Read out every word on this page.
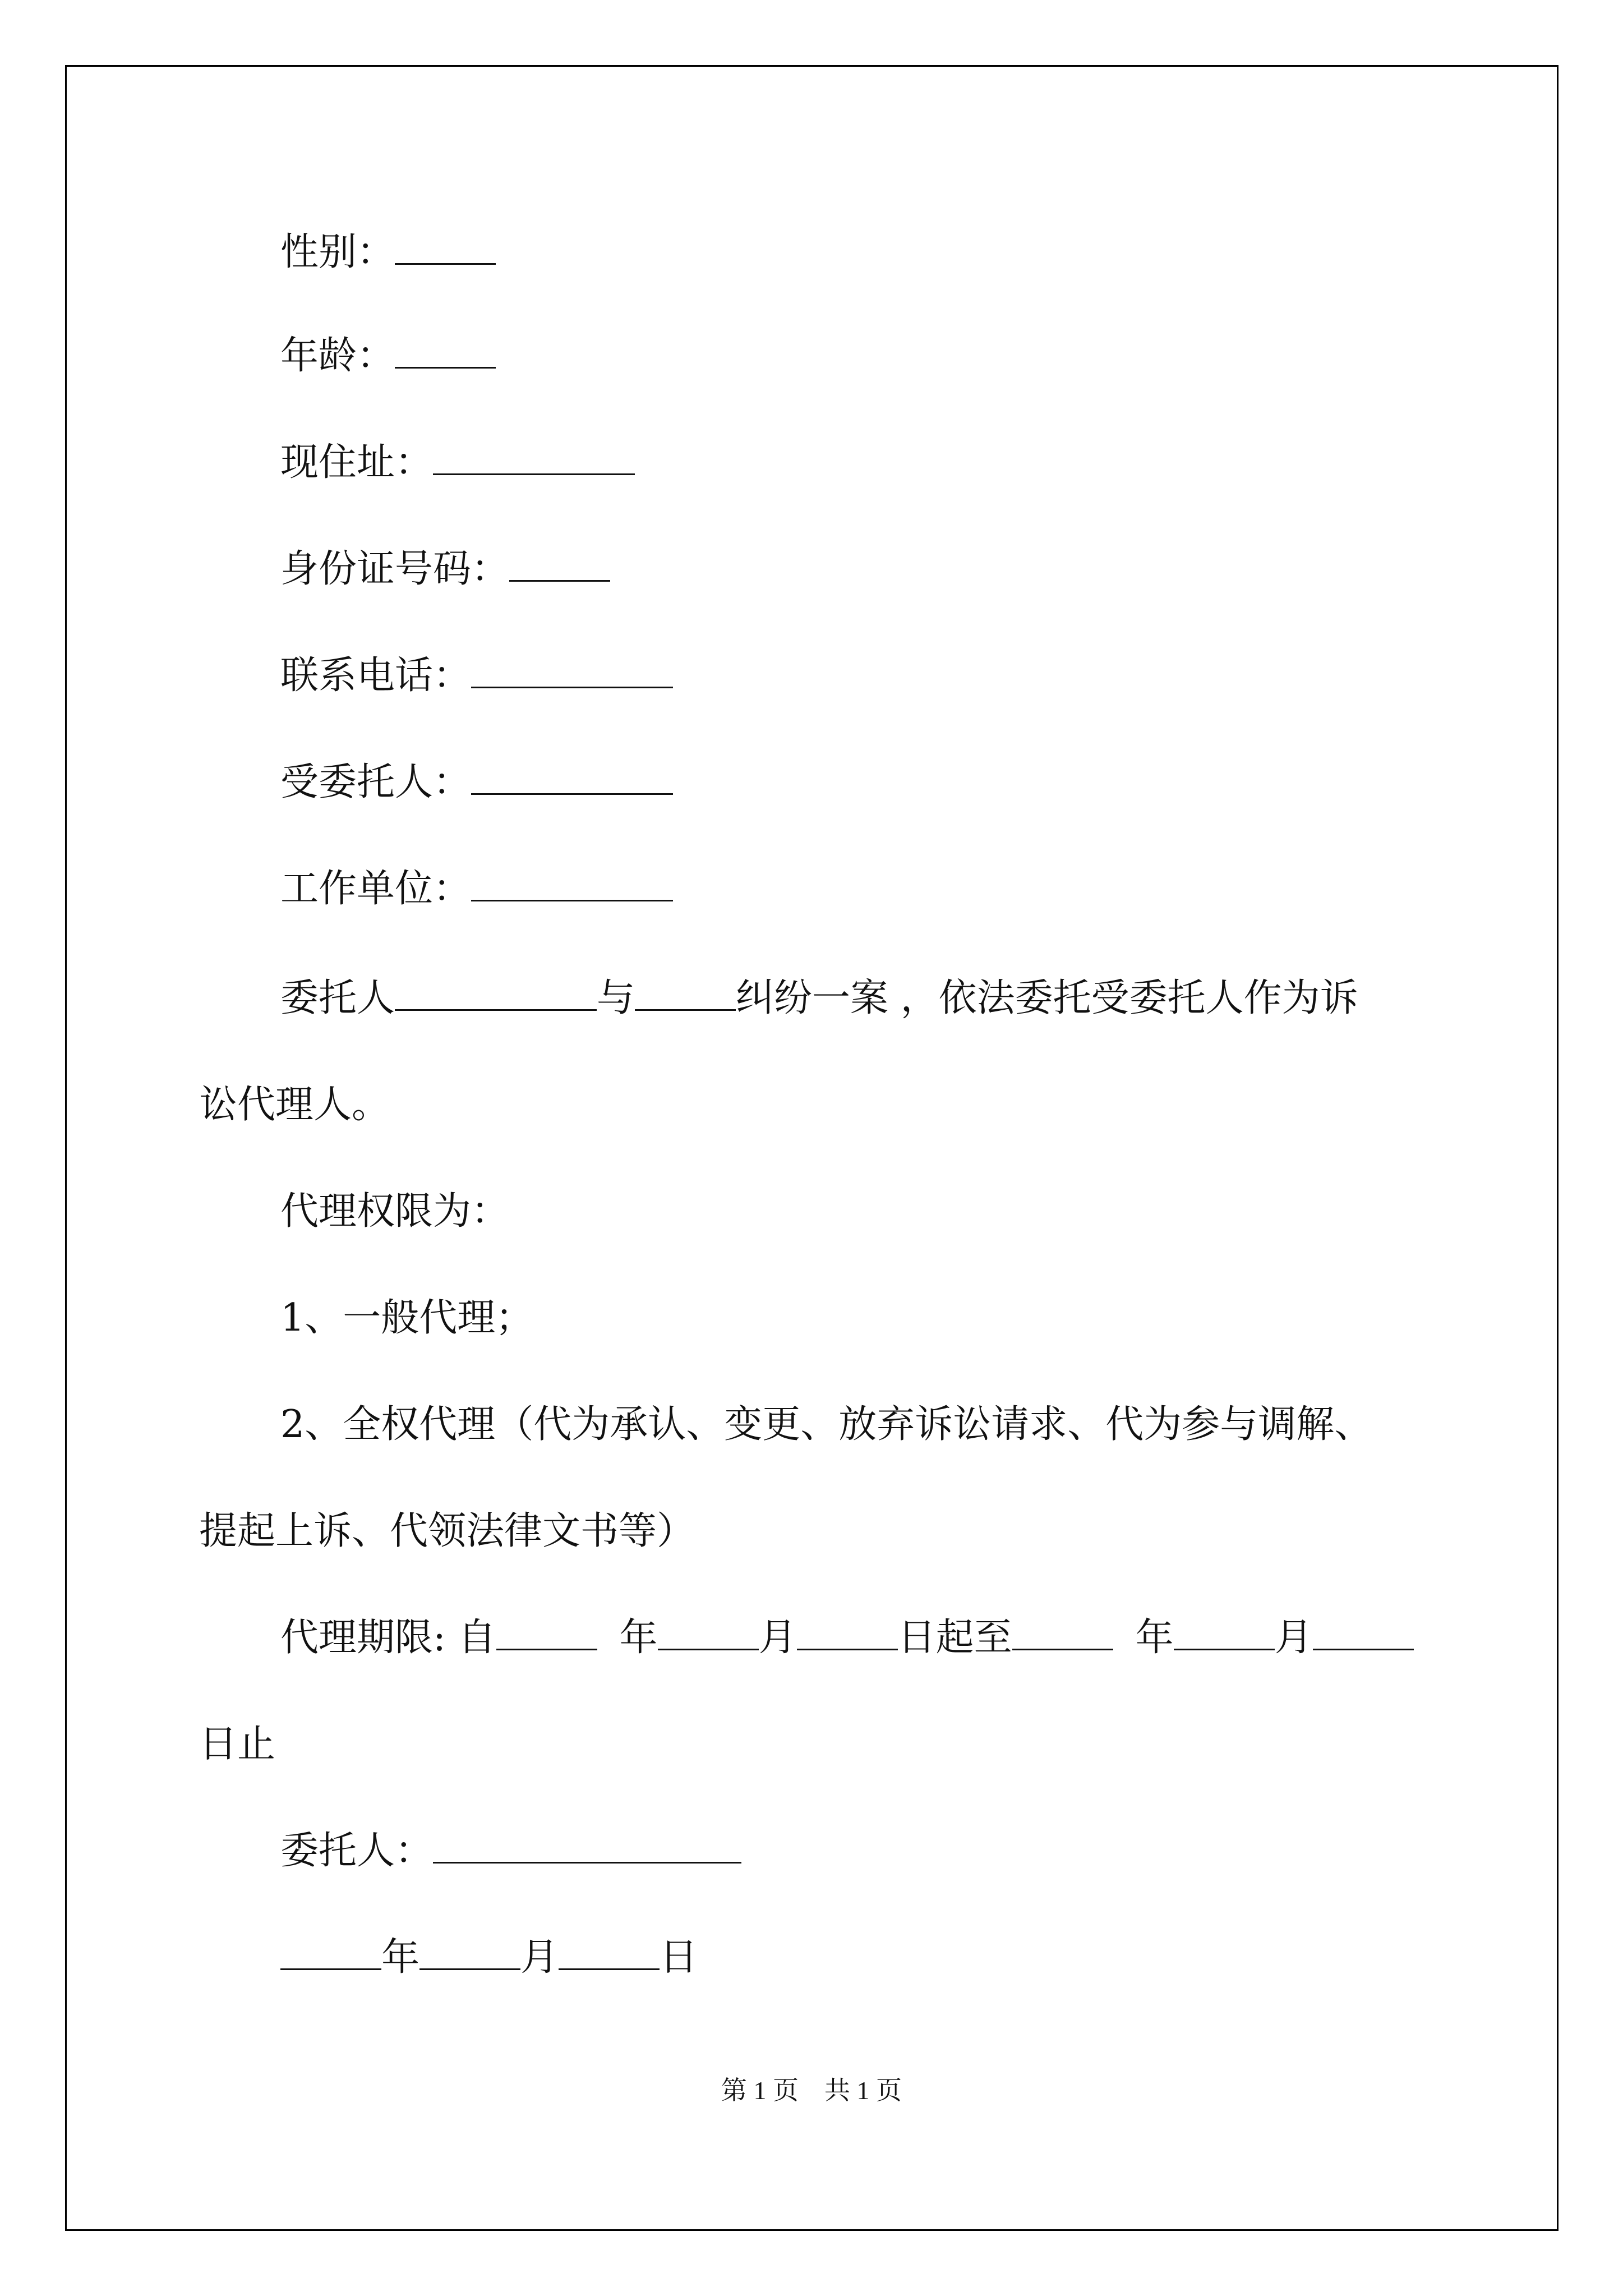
性别：
年龄：
现住址：
身份证号码：
联系电话：
受委托人：
工作单位：
委托人	与	纠纷一案 ，依法委托受委托人作为诉
讼代理人。
代理权限为：
1、一般代理；
2、全权代理（代为承认、变更、放弃诉讼请求、代为参与调解、
提起上诉、代领法律文书等）
代理期限: 自	年	月	日起至	年	月
日止
委托人：
年	月	日
第 1 页    共 1 页
